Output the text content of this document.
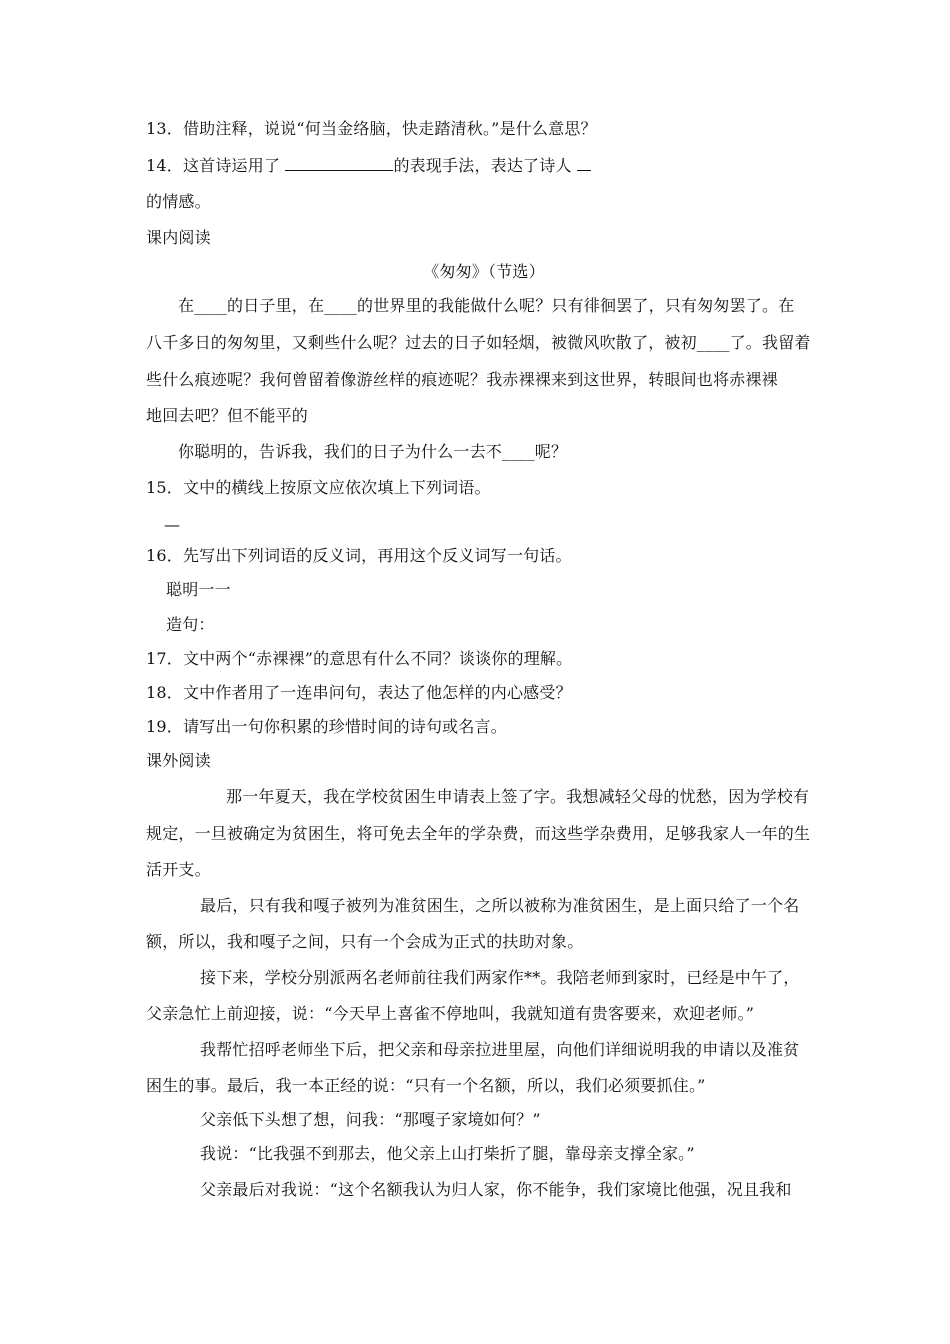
13．借助注释，说说“何当金络脑，快走踏清秋。”是什么意思？
14．这首诗运用了	的表现手法，表达了诗人
的情感。
课内阅读
《匆匆》（节选）
在____的日子里，在____的世界里的我能做什么呢？只有徘徊罢了，只有匆匆罢了。在
八千多日的匆匆里，又剩些什么呢？过去的日子如轻烟，被微风吹散了，被初____了。我留着
些什么痕迹呢？我何曾留着像游丝样的痕迹呢？我赤裸裸来到这世界，转眼间也将赤裸裸
地回去吧？但不能平的
你聪明的，告诉我，我们的日子为什么一去不____呢？
15．文中的横线上按原文应依次填上下列词语。
—
16．先写出下列词语的反义词，再用这个反义词写一句话。
聪明一一
造句：
17．文中两个“赤裸裸”的意思有什么不同？谈谈你的理解。
18．文中作者用了一连串问句，表达了他怎样的内心感受？
19．请写出一句你积累的珍惜时间的诗句或名言。
课外阅读
那一年夏天，我在学校贫困生申请表上签了字。我想减轻父母的忧愁，因为学校有
规定，一旦被确定为贫困生，将可免去全年的学杂费，而这些学杂费用，足够我家人一年的生
活开支。
最后，只有我和嘎子被列为准贫困生，之所以被称为准贫困生，是上面只给了一个名
额，所以，我和嘎子之间，只有一个会成为正式的扶助对象。
接下来，学校分别派两名老师前往我们两家作**。我陪老师到家时，已经是中午了，
父亲急忙上前迎接，说：“今天早上喜雀不停地叫，我就知道有贵客要来，欢迎老师。”
我帮忙招呼老师坐下后，把父亲和母亲拉进里屋，向他们详细说明我的申请以及准贫
困生的事。最后，我一本正经的说：“只有一个名额，所以，我们必须要抓住。”
父亲低下头想了想，问我：“那嘎子家境如何？”
我说：“比我强不到那去，他父亲上山打柴折了腿，靠母亲支撑全家。”
父亲最后对我说：“这个名额我认为归人家，你不能争，我们家境比他强，况且我和
